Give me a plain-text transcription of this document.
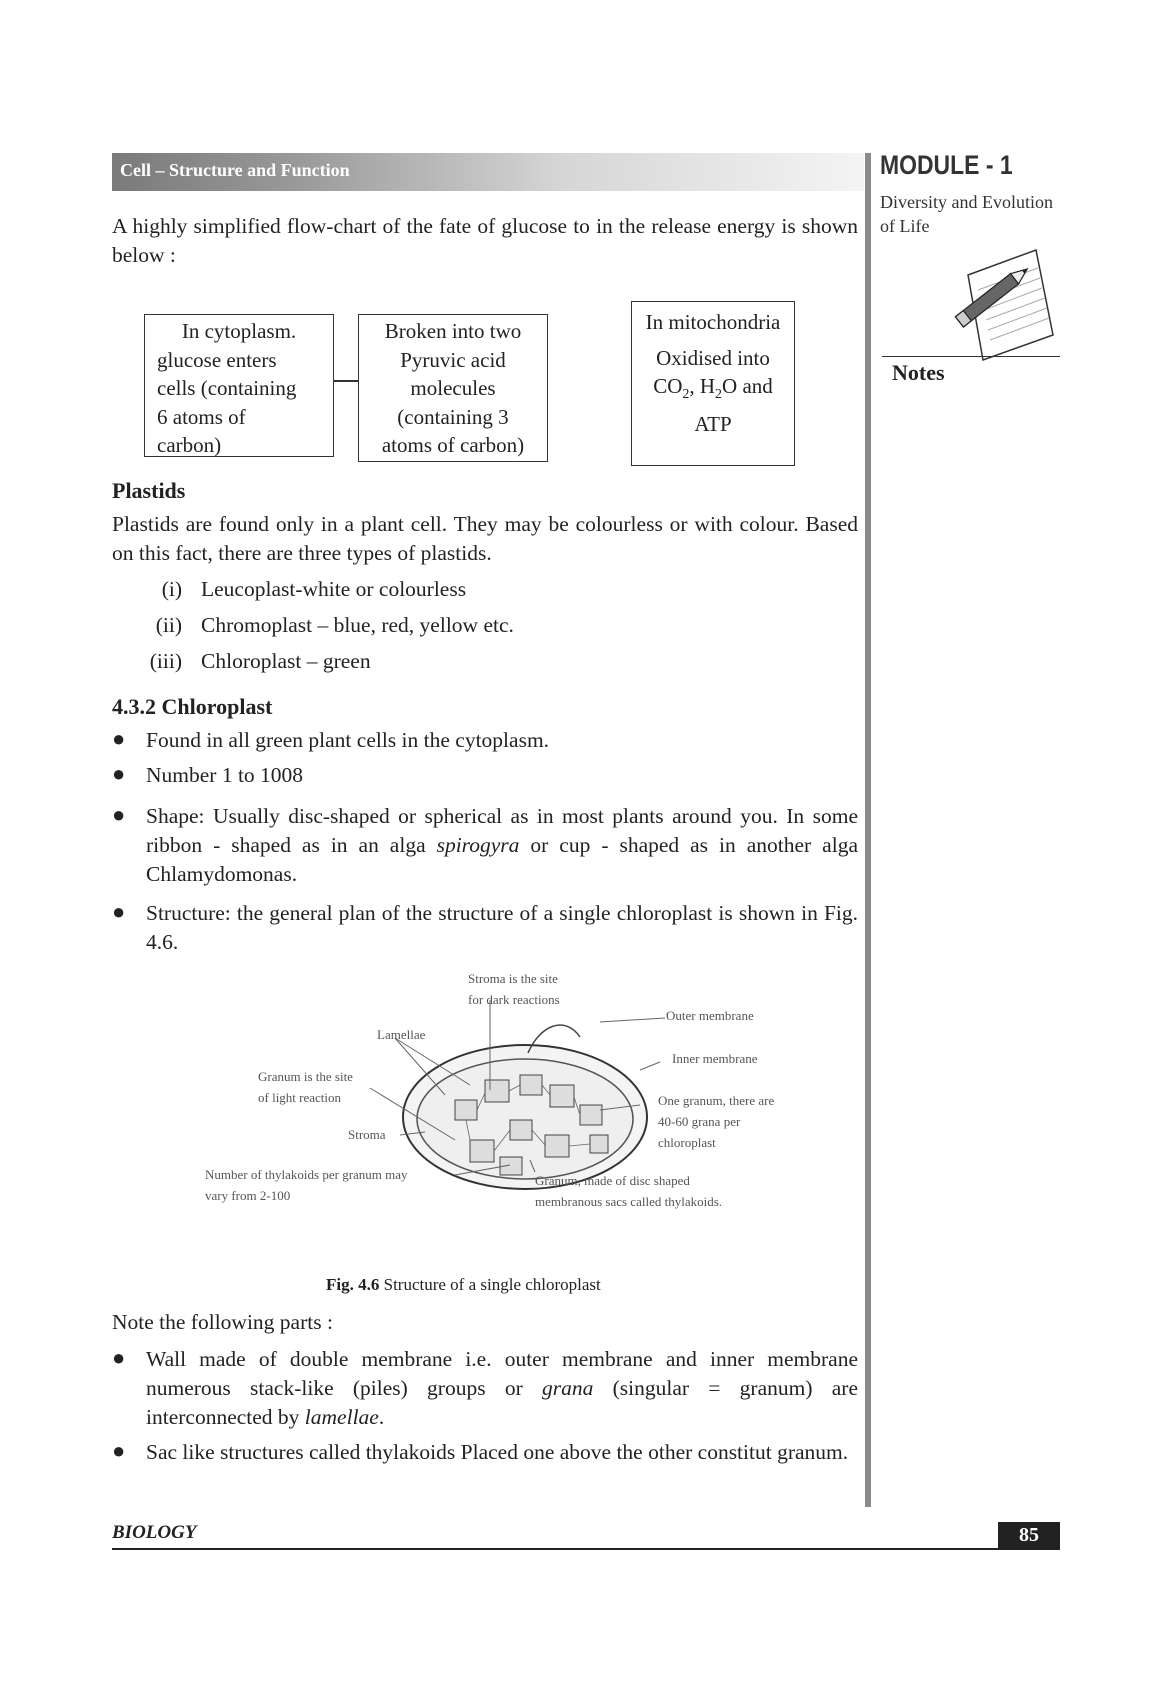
Cell – Structure and Function	MODULE - 1
Diversity and Evolution of Life
Notes
A highly simplified flow-chart of the fate of glucose to in the release energy is shown below :
In cytoplasm.
glucose enters
cells (containing
6 atoms of
carbon)
Broken into two
Pyruvic acid
molecules
(containing 3
atoms of carbon)
In mitochondria
Oxidised into
$CO_2$, $H_2O$ and
ATP
Plastids
Plastids are found only in a plant cell. They may be colourless or with colour. Based on this fact, there are three types of plastids.
(i) Leucoplast-white or colourless
(ii) Chromoplast – blue, red, yellow etc.
(iii) Chloroplast – green
4.3.2 Chloroplast
● Found in all green plant cells in the cytoplasm.
● Number 1 to 1008
● Shape: Usually disc-shaped or spherical as in most plants around you. In some ribbon - shaped as in an alga spirogyra or cup - shaped as in another alga Chlamydomonas.
● Structure: the general plan of the structure of a single chloroplast is shown in Fig. 4.6.
Stroma is the site
for dark reactions
Outer membrane
Lamellae
Inner membrane
Granum is the site
of light reaction	One granum, there are
40-60 grana per
chloroplast
Stroma
Number of thylakoids per granum may
vary from 2-100
Granum, made of disc shaped
membranous sacs called thylakoids.
Fig. 4.6 Structure of a single chloroplast
Note the following parts :
● Wall made of double membrane i.e. outer membrane and inner membrane numerous stack-like (piles) groups or grana (singular = granum) are interconnected by lamellae.
● Sac like structures called thylakoids Placed one above the other constitut granum.
BIOLOGY	85
